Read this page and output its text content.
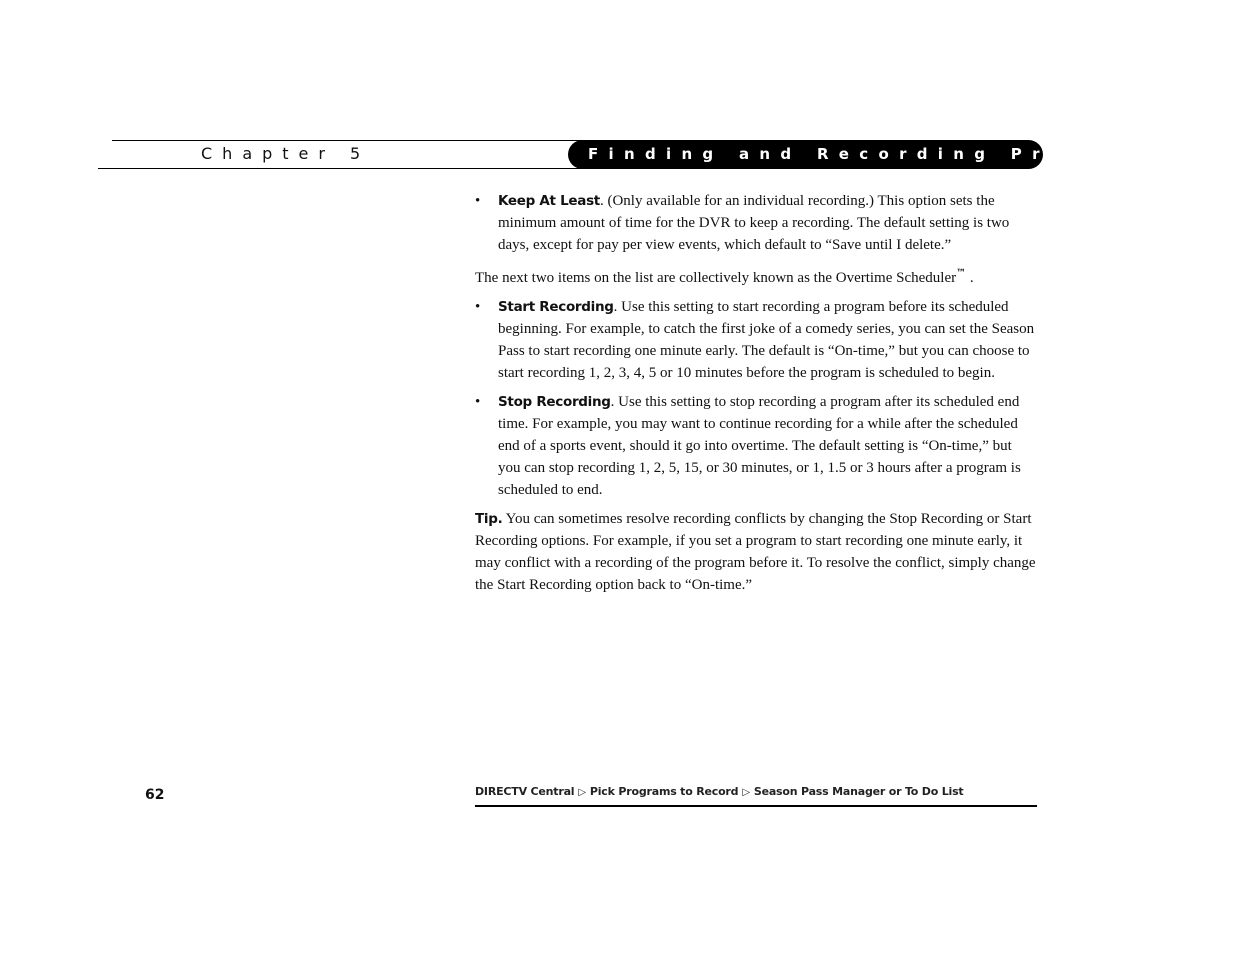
Chapter 5	Finding and Recording Programs
• Keep At Least. (Only available for an individual recording.) This option sets the minimum amount of time for the DVR to keep a recording. The default setting is two days, except for pay per view events, which default to “Save until I delete.”

The next two items on the list are collectively known as the Overtime Scheduler™ .

• Start Recording. Use this setting to start recording a program before its scheduled beginning. For example, to catch the first joke of a comedy series, you can set the Season Pass to start recording one minute early. The default is “On-time,” but you can choose to start recording 1, 2, 3, 4, 5 or 10 minutes before the program is scheduled to begin.
• Stop Recording. Use this setting to stop recording a program after its scheduled end time. For example, you may want to continue recording for a while after the scheduled end of a sports event, should it go into overtime. The default setting is “On-time,” but you can stop recording 1, 2, 5, 15, or 30 minutes, or 1, 1.5 or 3 hours after a program is scheduled to end.

Tip. You can sometimes resolve recording conflicts by changing the Stop Recording or Start Recording options. For example, if you set a program to start recording one minute early, it may conflict with a recording of the program before it. To resolve the conflict, simply change the Start Recording option back to “On-time.”

62	DIRECTV Central ▷ Pick Programs to Record ▷ Season Pass Manager or To Do List
